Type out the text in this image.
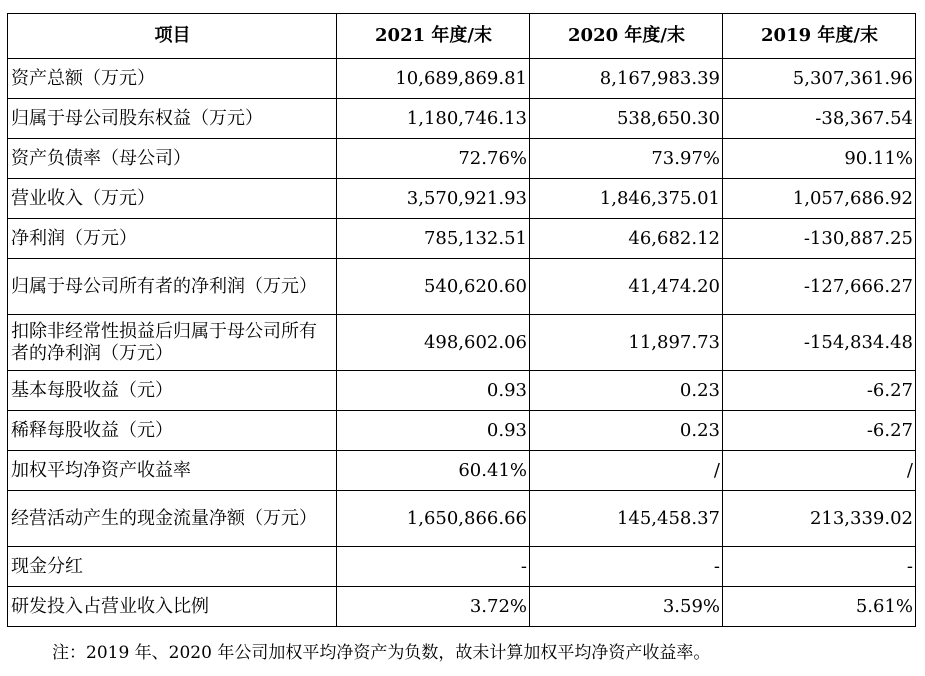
项目	2021 年度/末	2020 年度/末	2019 年度/末
资产总额（万元）	10,689,869.81	8,167,983.39	5,307,361.96
归属于母公司股东权益（万元）	1,180,746.13	538,650.30	-38,367.54
资产负债率（母公司）	72.76%	73.97%	90.11%
营业收入（万元）	3,570,921.93	1,846,375.01	1,057,686.92
净利润（万元）	785,132.51	46,682.12	-130,887.25
归属于母公司所有者的净利润（万元）	540,620.60	41,474.20	-127,666.27
扣除非经常性损益后归属于母公司所有者的净利润（万元）	498,602.06	11,897.73	-154,834.48
基本每股收益（元）	0.93	0.23	-6.27
稀释每股收益（元）	0.93	0.23	-6.27
加权平均净资产收益率	60.41%	/	/
经营活动产生的现金流量净额（万元）	1,650,866.66	145,458.37	213,339.02
现金分红	-	-	-
研发投入占营业收入比例	3.72%	3.59%	5.61%
注：2019 年、2020 年公司加权平均净资产为负数，故未计算加权平均净资产收益率。
